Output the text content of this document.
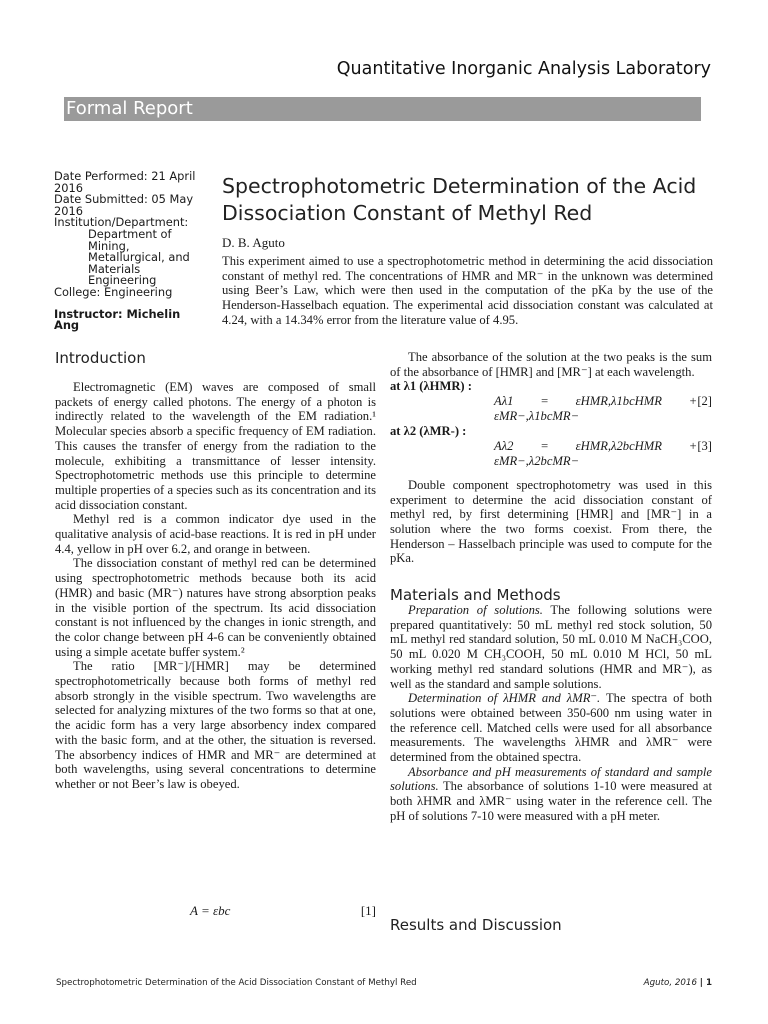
Quantitative Inorganic Analysis Laboratory
Formal Report
Date Performed: 21 April 2016
Date Submitted: 05 May 2016
Institution/Department:
Department of Mining, Metallurgical, and Materials Engineering
College: Engineering
Instructor: Michelin Ang
Spectrophotometric Determination of the Acid Dissociation Constant of Methyl Red
D. B. Aguto
This experiment aimed to use a spectrophotometric method in determining the acid dissociation constant of methyl red. The concentrations of HMR and MR⁻ in the unknown was determined using Beer’s Law, which were then used in the computation of the pKa by the use of the Henderson-Hasselbach equation. The experimental acid dissociation constant was calculated at 4.24, with a 14.34% error from the literature value of 4.95.
Introduction

Electromagnetic (EM) waves are composed of small packets of energy called photons. The energy of a photon is indirectly related to the wavelength of the EM radiation.¹ Molecular species absorb a specific frequency of EM radiation. This causes the transfer of energy from the radiation to the molecule, exhibiting a transmittance of lesser intensity. Spectrophotometric methods use this principle to determine multiple properties of a species such as its concentration and its acid dissociation constant.

Methyl red is a common indicator dye used in the qualitative analysis of acid-base reactions. It is red in pH under 4.4, yellow in pH over 6.2, and orange in between.

The dissociation constant of methyl red can be determined using spectrophotometric methods because both its acid (HMR) and basic (MR⁻) natures have strong absorption peaks in the visible portion of the spectrum. Its acid dissociation constant is not influenced by the changes in ionic strength, and the color change between pH 4-6 can be conveniently obtained using a simple acetate buffer system.²

The ratio [MR⁻]/[HMR] may be determined spectrophotometrically because both forms of methyl red absorb strongly in the visible spectrum. Two wavelengths are selected for analyzing mixtures of the two forms so that at one, the acidic form has a very large absorbency index compared with the basic form, and at the other, the situation is reversed. The absorbency indices of HMR and MR⁻ are determined at both wavelengths, using several concentrations to determine whether or not Beer’s law is obeyed.

A = εbc	[1]

The absorbance of the solution at the two peaks is the sum of the absorbance of [HMR] and [MR⁻] at each wavelength.

at λ1 (λHMR) :

Aλ1 = εHMR,λ1bcHMR + εMR−,λ1bcMR−
[2]

at λ2 (λMR-) :

Aλ2 = εHMR,λ2bcHMR + εMR−,λ2bcMR−
[3]

Double component spectrophotometry was used in this experiment to determine the acid dissociation constant of methyl red, by first determining [HMR] and [MR⁻] in a solution where the two forms coexist. From there, the Henderson – Hasselbach principle was used to compute for the pKa.

Materials and Methods

Preparation of solutions. The following solutions were prepared quantitatively: 50 mL methyl red stock solution, 50 mL methyl red standard solution, 50 mL 0.010 M NaCH₃COO, 50 mL 0.020 M CH₃COOH, 50 mL 0.010 M HCl, 50 mL working methyl red standard solutions (HMR and MR⁻), as well as the standard and sample solutions.

Determination of λHMR and λMR⁻. The spectra of both solutions were obtained between 350-600 nm using water in the reference cell. Matched cells were used for all absorbance measurements. The wavelengths λHMR and λMR⁻ were determined from the obtained spectra.

Absorbance and pH measurements of standard and sample solutions. The absorbance of solutions 1-10 were measured at both λHMR and λMR⁻ using water in the reference cell. The pH of solutions 7-10 were measured with a pH meter.

Results and Discussion
Spectrophotometric Determination of the Acid Dissociation Constant of Methyl Red	Aguto, 2016 | 1
